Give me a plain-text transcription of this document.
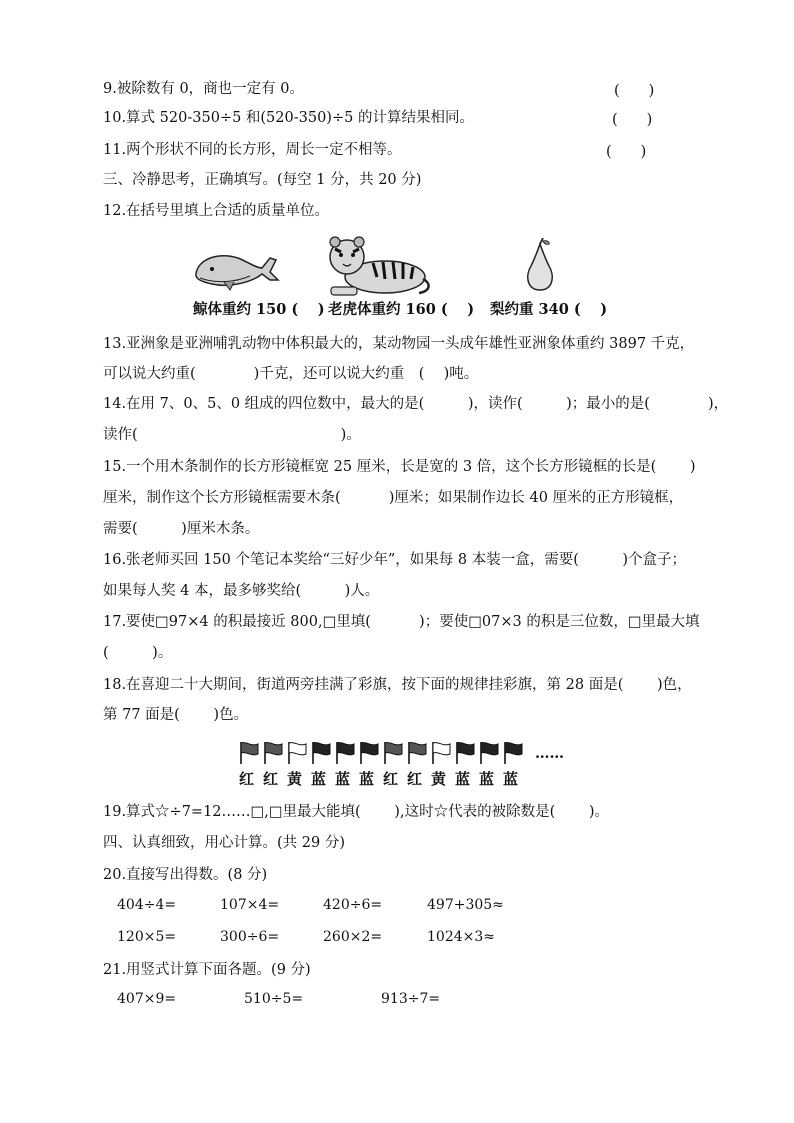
9.被除数有 0，商也一定有 0。	(　　)
10.算式 520-350÷5 和(520-350)÷5 的计算结果相同。	(　　)
11.两个形状不同的长方形，周长一定不相等。	(　　)
三、冷静思考，正确填写。(每空 1 分，共 20 分)
12.在括号里填上合适的质量单位。
鲸体重约 150 (　 ) 老虎体重约 160 (　 ) 梨约重 340 (　 )
13.亚洲象是亚洲哺乳动物中体积最大的，某动物园一头成年雄性亚洲象体重约 3897 千克，
可以说大约重(　　　　)千克，还可以说大约重　(　 )吨。
14.在用 7、0、5、0 组成的四位数中，最大的是(　　　)，读作(　　　)；最小的是(　　　　)，
读作(　　　　　　　　　　　　　　)。
15.一个用木条制作的长方形镜框宽 25 厘米，长是宽的 3 倍，这个长方形镜框的长是(　　 )
厘米，制作这个长方形镜框需要木条(　　　 )厘米；如果制作边长 40 厘米的正方形镜框，
需要(　　　)厘米木条。
16.张老师买回 150 个笔记本奖给“三好少年”，如果每 8 本装一盒，需要(　　　)个盒子；
如果每人奖 4 本，最多够奖给(　　　)人。
17.要使□97×4 的积最接近 800,□里填(　　　 )；要使□07×3 的积是三位数，□里最大填
(　　　)。
18.在喜迎二十大期间，街道两旁挂满了彩旗，按下面的规律挂彩旗，第 28 面是(　　 )色，
第 77 面是(　　 )色。
……
红 红 黄 蓝 蓝 蓝 红 红 黄 蓝 蓝 蓝
19.算式☆÷7=12……□,□里最大能填(　　 ),这时☆代表的被除数是(　　 )。
四、认真细致，用心计算。(共 29 分)
20.直接写出得数。(8 分)
404÷4=	107×4=	420÷6=	497+305≈
120×5=	300÷6=	260×2=	1024×3≈
21.用竖式计算下面各题。(9 分)
407×9=	510÷5=	913÷7=
